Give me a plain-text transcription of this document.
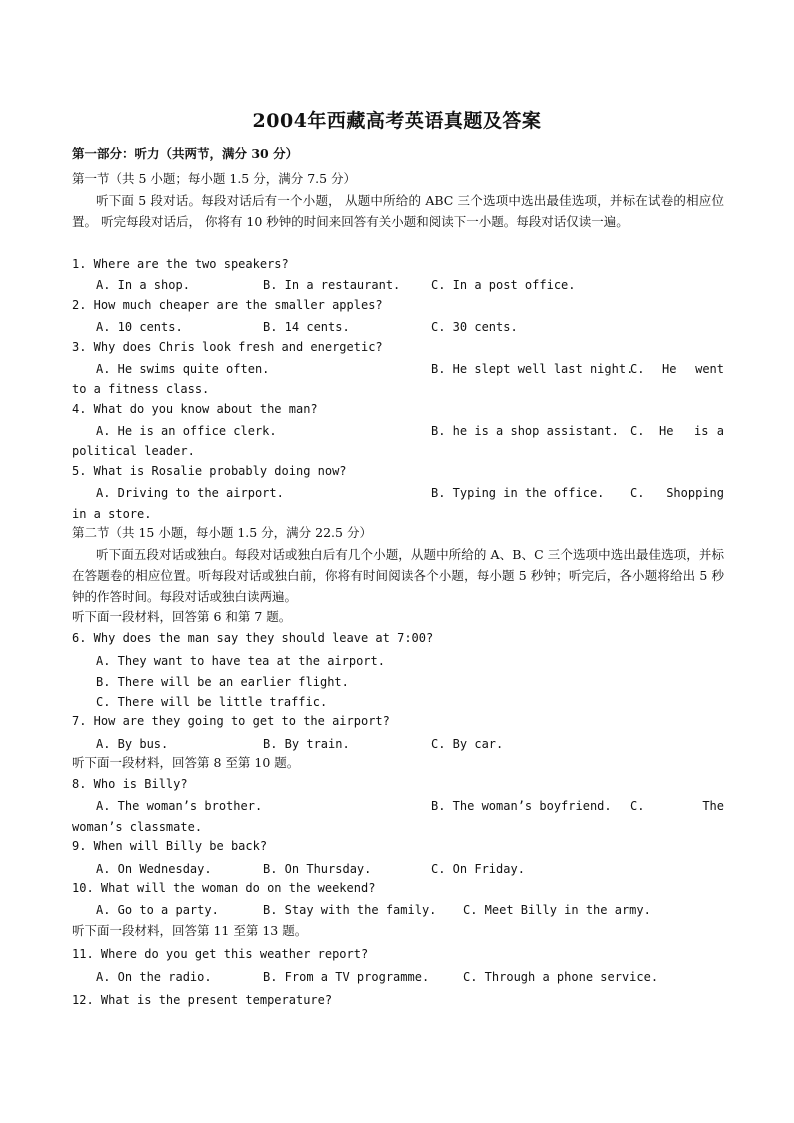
2004年西藏高考英语真题及答案
第一部分：听力（共两节，满分 30 分）
第一节（共 5 小题；每小题 1.5 分，满分 7.5 分）
听下面 5 段对话。每段对话后有一个小题， 从题中所给的 ABC 三个选项中选出最佳选项，并标在试卷的相应位置。 听完每段对话后， 你将有 10 秒钟的时间来回答有关小题和阅读下一小题。每段对话仅读一遍。
1. Where are the two speakers?
A. In a shop.	B. In a restaurant.	C. In a post office.
2. How much cheaper are the smaller apples?
A. 10 cents.	B. 14 cents.	C. 30 cents.
3. Why does Chris look fresh and energetic?
A. He swims quite often.	B. He slept well last night.
C. He went
to a fitness class.
4. What do you know about the man?
A. He is an office clerk.	B. he is a shop assistant. C. He is a
political leader.
5. What is Rosalie probably doing now?
A. Driving to the airport.	B. Typing in the office. C. Shopping
in a store.
第二节（共 15 小题，每小题 1.5 分，满分 22.5 分）
听下面五段对话或独白。每段对话或独白后有几个小题，从题中所给的 A、B、C 三个选项中选出最佳选项，并标在答题卷的相应位置。听每段对话或独白前，你将有时间阅读各个小题，每小题 5 秒钟；听完后，各小题将给出 5 秒钟的作答时间。每段对话或独白读两遍。
听下面一段材料，回答第 6 和第 7 题。
6. Why does the man say they should leave at 7:00?
A. They want to have tea at the airport.
B. There will be an earlier flight.
C. There will be little traffic.
7. How are they going to get to the airport?
A. By bus.	B. By train.	C. By car.
听下面一段材料，回答第 8 至第 10 题。
8. Who is Billy?
A. The woman’s brother.	B. The woman’s boyfriend. C.	The
woman’s classmate.
9. When will Billy be back?
A. On Wednesday.	B. On Thursday.	C. On Friday.
10. What will the woman do on the weekend?
A. Go to a party.	B. Stay with the family. C. Meet Billy in the army.
听下面一段材料，回答第 11 至第 13 题。
11. Where do you get this weather report?
A. On the radio.	B. From a TV programme.	C. Through a phone service.
12. What is the present temperature?
